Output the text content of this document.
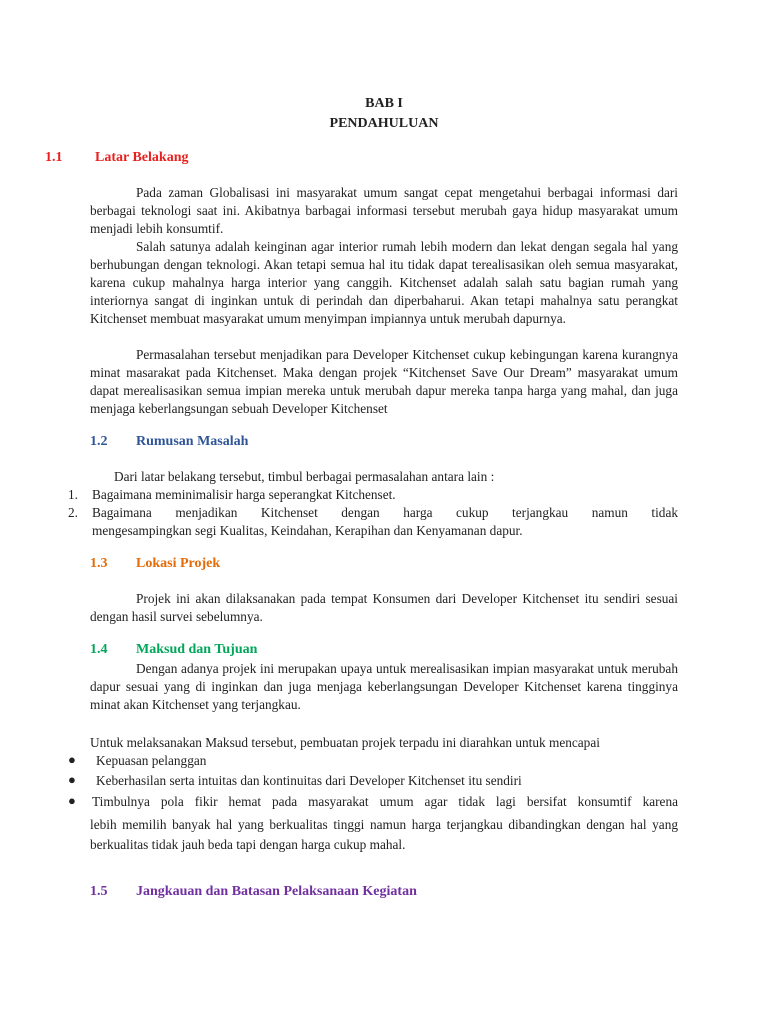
BAB I
PENDAHULUAN
1.1 Latar Belakang
Pada zaman Globalisasi ini masyarakat umum sangat cepat mengetahui berbagai informasi dari berbagai teknologi saat ini. Akibatnya barbagai informasi tersebut merubah gaya hidup masyarakat umum menjadi lebih konsumtif.
Salah satunya adalah keinginan agar interior rumah lebih modern dan lekat dengan segala hal yang berhubungan dengan teknologi. Akan tetapi semua hal itu tidak dapat terealisasikan oleh semua masyarakat, karena cukup mahalnya harga interior yang canggih. Kitchenset adalah salah satu bagian rumah yang interiornya sangat di inginkan untuk di perindah dan diperbaharui. Akan tetapi mahalnya satu perangkat Kitchenset membuat masyarakat umum menyimpan impiannya untuk merubah dapurnya.
Permasalahan tersebut menjadikan para Developer Kitchenset cukup kebingungan karena kurangnya minat masarakat pada Kitchenset. Maka dengan projek “Kitchenset Save Our Dream” masyarakat umum dapat merealisasikan semua impian mereka untuk merubah dapur mereka tanpa harga yang mahal, dan juga menjaga keberlangsungan sebuah Developer Kitchenset
1.2 Rumusan Masalah
Dari latar belakang tersebut, timbul berbagai permasalahan antara lain :
1. Bagaimana meminimalisir harga seperangkat Kitchenset.
2. Bagaimana menjadikan Kitchenset dengan harga cukup terjangkau namun tidak
mengesampingkan segi Kualitas, Keindahan, Kerapihan dan Kenyamanan dapur.
1.3 Lokasi Projek
Projek ini akan dilaksanakan pada tempat Konsumen dari Developer Kitchenset itu sendiri sesuai dengan hasil survei sebelumnya.
1.4 Maksud dan Tujuan
Dengan adanya projek ini merupakan upaya untuk merealisasikan impian masyarakat untuk merubah dapur sesuai yang di inginkan dan juga menjaga keberlangsungan Developer Kitchenset karena tingginya minat akan Kitchenset yang terjangkau.
Untuk melaksanakan Maksud tersebut, pembuatan projek terpadu ini diarahkan untuk mencapai
● Kepuasan pelanggan
● Keberhasilan serta intuitas dan kontinuitas dari Developer Kitchenset itu sendiri
● Timbulnya pola fikir hemat pada masyarakat umum agar tidak lagi bersifat konsumtif karena
lebih memilih banyak hal yang berkualitas tinggi namun harga terjangkau dibandingkan dengan hal yang berkualitas tidak jauh beda tapi dengan harga cukup mahal.
1.5 Jangkauan dan Batasan Pelaksanaan Kegiatan
